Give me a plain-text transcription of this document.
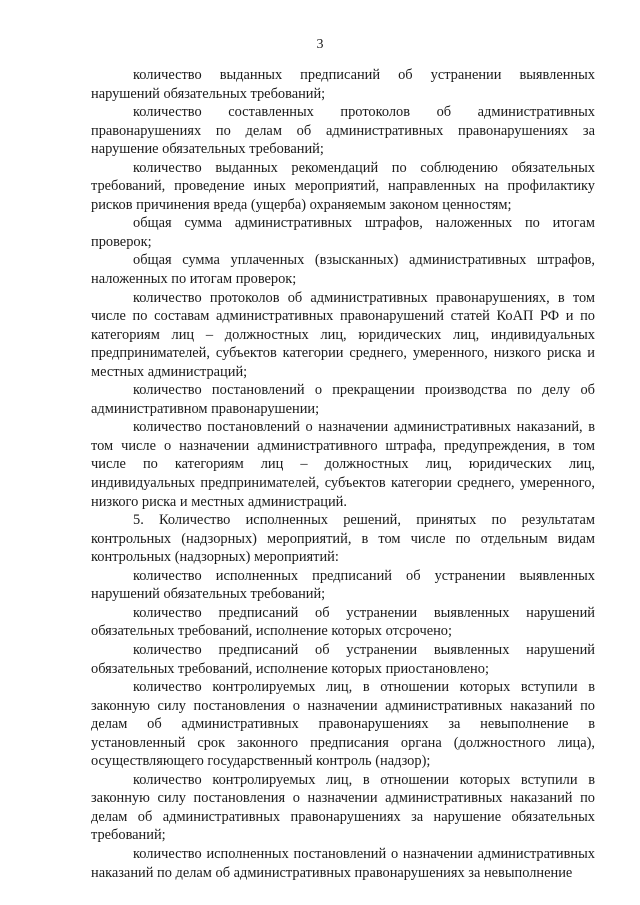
3

количество выданных предписаний об устранении выявленных нарушений обязательных требований;

количество составленных протоколов об административных правонарушениях по делам об административных правонарушениях за нарушение обязательных требований;

количество выданных рекомендаций по соблюдению обязательных требований, проведение иных мероприятий, направленных на профилактику рисков причинения вреда (ущерба) охраняемым законом ценностям;

общая сумма административных штрафов, наложенных по итогам проверок;

общая сумма уплаченных (взысканных) административных штрафов, наложенных по итогам проверок;

количество протоколов об административных правонарушениях, в том числе по составам административных правонарушений статей КоАП РФ и по категориям лиц – должностных лиц, юридических лиц, индивидуальных предпринимателей, субъектов категории среднего, умеренного, низкого риска и местных администраций;

количество постановлений о прекращении производства по делу об административном правонарушении;

количество постановлений о назначении административных наказаний, в том числе о назначении административного штрафа, предупреждения, в том числе по категориям лиц – должностных лиц, юридических лиц, индивидуальных предпринимателей, субъектов категории среднего, умеренного, низкого риска и местных администраций.

5. Количество исполненных решений, принятых по результатам контрольных (надзорных) мероприятий, в том числе по отдельным видам контрольных (надзорных) мероприятий:

количество исполненных предписаний об устранении выявленных нарушений обязательных требований;

количество предписаний об устранении выявленных нарушений обязательных требований, исполнение которых отсрочено;

количество предписаний об устранении выявленных нарушений обязательных требований, исполнение которых приостановлено;

количество контролируемых лиц, в отношении которых вступили в законную силу постановления о назначении административных наказаний по делам об административных правонарушениях за невыполнение в установленный срок законного предписания органа (должностного лица), осуществляющего государственный контроль (надзор);

количество контролируемых лиц, в отношении которых вступили в законную силу постановления о назначении административных наказаний по делам об административных правонарушениях за нарушение обязательных требований;

количество исполненных постановлений о назначении административных наказаний по делам об административных правонарушениях за невыполнение
